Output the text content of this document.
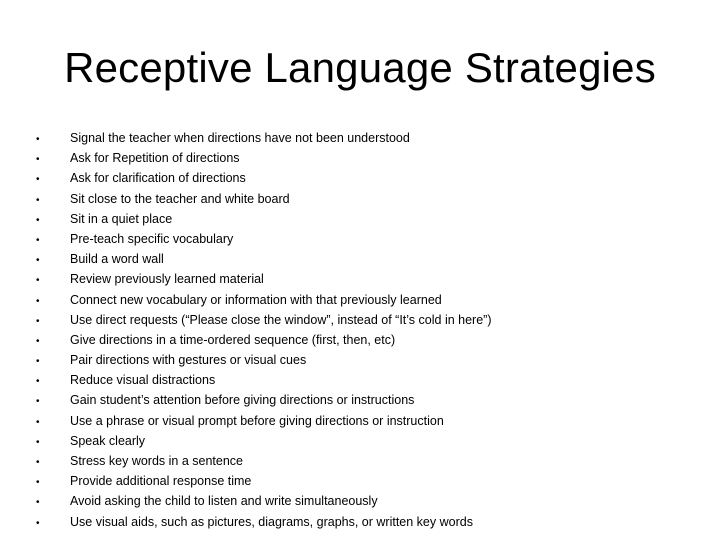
Receptive Language Strategies
•	Signal the teacher when directions have not been understood
•	Ask for Repetition of directions
•	Ask for clarification of directions
•	Sit close to the teacher and white board
•	Sit in a quiet place
•	Pre-teach specific vocabulary
•	Build a word wall
•	Review previously learned material
•	Connect new vocabulary or information with that previously learned
•	Use direct requests (“Please close the window”, instead of “It’s cold in here”)
•	Give directions in a time-ordered sequence (first, then, etc)
•	Pair directions with gestures or visual cues
•	Reduce visual distractions
•	Gain student’s attention before giving directions or instructions
•	Use a phrase or visual prompt before giving directions or instruction
•	Speak clearly
•	Stress key words in a sentence
•	Provide additional response time
•	Avoid asking the child to listen and write simultaneously
•	Use visual aids, such as pictures, diagrams, graphs, or written key words
